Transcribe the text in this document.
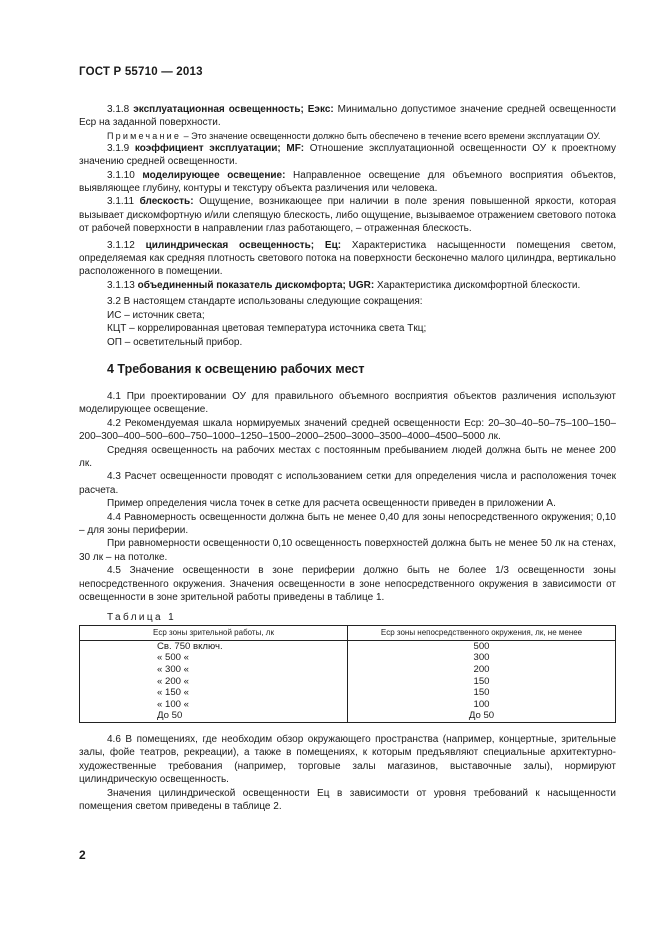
ГОСТ Р 55710 — 2013

3.1.8 эксплуатационная освещенность; Eэкс: Минимально допустимое значение средней освещенности Eср на заданной поверхности.

Примечание – Это значение освещенности должно быть обеспечено в течение всего времени эксплуатации ОУ.

3.1.9 коэффициент эксплуатации; MF: Отношение эксплуатационной освещенности ОУ к проектному значению средней освещенности.

3.1.10 моделирующее освещение: Направленное освещение для объемного восприятия объектов, выявляющее глубину, контуры и текстуру объекта различения или человека.

3.1.11 блескость: Ощущение, возникающее при наличии в поле зрения повышенной яркости, которая вызывает дискомфортную и/или слепящую блескость, либо ощущение, вызываемое отражением светового потока от рабочей поверхности в направлении глаз работающего, – отраженная блескость.

3.1.12 цилиндрическая освещенность; Eц: Характеристика насыщенности помещения светом, определяемая как средняя плотность светового потока на поверхности бесконечно малого цилиндра, вертикально расположенного в помещении.

3.1.13 объединенный показатель дискомфорта; UGR: Характеристика дискомфортной блескости.

3.2 В настоящем стандарте использованы следующие сокращения:

ИС – источник света;

КЦТ – коррелированная цветовая температура источника света Tкц;

ОП – осветительный прибор.

4 Требования к освещению рабочих мест

4.1 При проектировании ОУ для правильного объемного восприятия объектов различения используют моделирующее освещение.

4.2 Рекомендуемая шкала нормируемых значений средней освещенности Eср: 20–30–40–50–75–100–150–200–300–400–500–600–750–1000–1250–1500–2000–2500–3000–3500–4000–4500–5000 лк.

Средняя освещенность на рабочих местах с постоянным пребыванием людей должна быть не менее 200 лк.

4.3 Расчет освещенности проводят с использованием сетки для определения числа и расположения точек расчета.

Пример определения числа точек в сетке для расчета освещенности приведен в приложении А.

4.4 Равномерность освещенности должна быть не менее 0,40 для зоны непосредственного окружения; 0,10 – для зоны периферии.

При равномерности освещенности 0,10 освещенность поверхностей должна быть не менее 50 лк на стенах, 30 лк – на потолке.

4.5 Значение освещенности в зоне периферии должно быть не более 1/3 освещенности зоны непосредственного окружения. Значения освещенности в зоне непосредственного окружения в зависимости от освещенности в зоне зрительной работы приведены в таблице 1.

Таблица 1
Eср зоны зрительной работы, лк	Eср зоны непосредственного окружения, лк, не менее
Св. 750 включ.	500
« 500 «	300
« 300 «	200
« 200 «	150
« 150 «	150
« 100 «	100
До 50	До 50

4.6 В помещениях, где необходим обзор окружающего пространства (например, концертные, зрительные залы, фойе театров, рекреации), а также в помещениях, к которым предъявляют специальные архитектурно-художественные требования (например, торговые залы магазинов, выставочные залы), нормируют цилиндрическую освещенность.

Значения цилиндрической освещенности Eц в зависимости от уровня требований к насыщенности помещения светом приведены в таблице 2.

2
